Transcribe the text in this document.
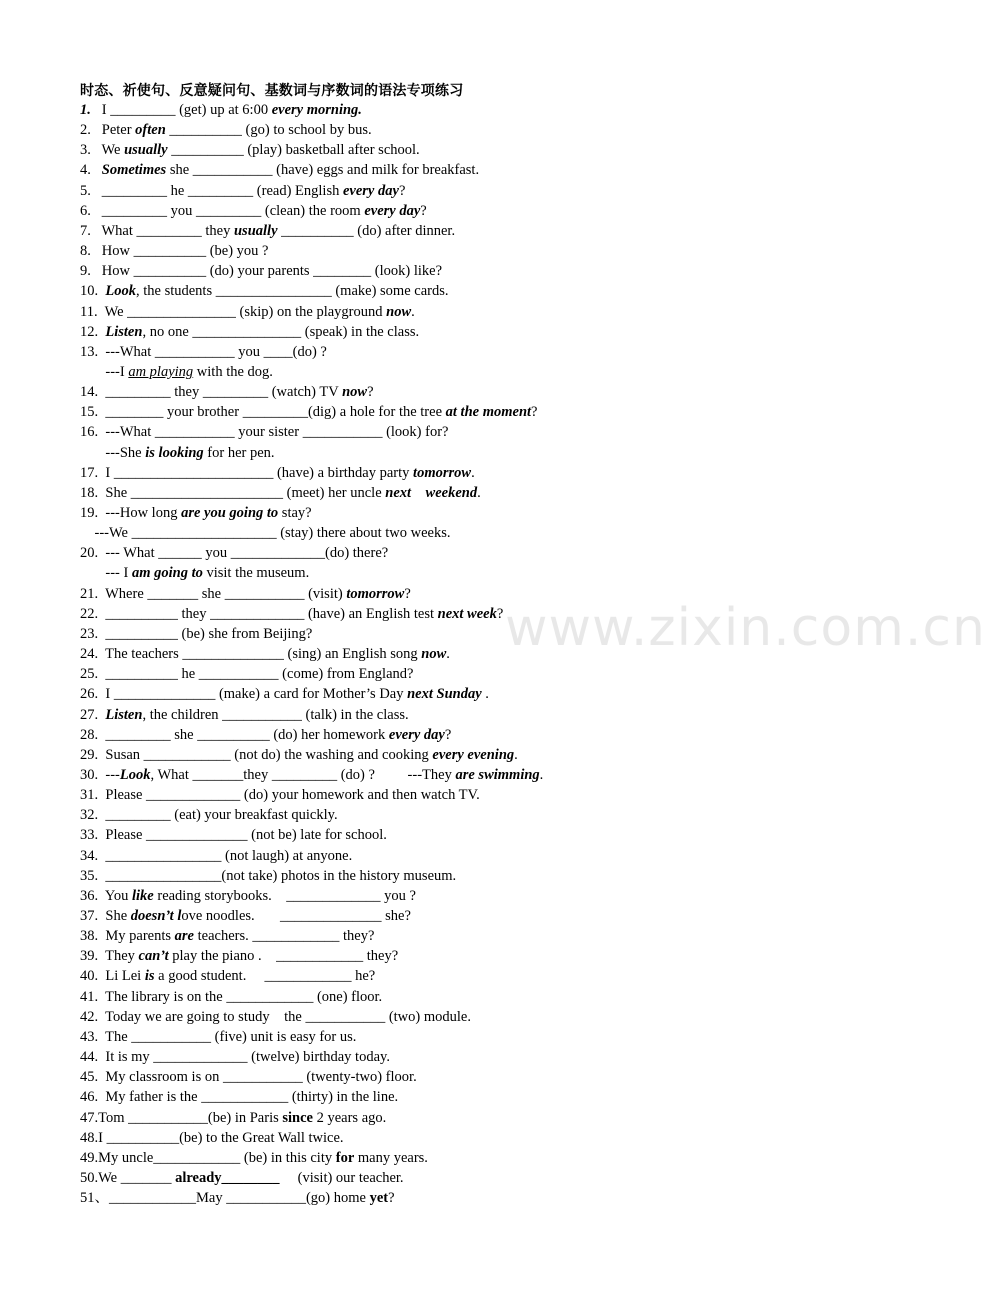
时态、祈使句、反意疑问句、基数词与序数词的语法专项练习
1.   I _________ (get) up at 6:00 every morning.
2.   Peter often __________ (go) to school by bus.
3.   We usually __________ (play) basketball after school.
4.   Sometimes she ___________ (have) eggs and milk for breakfast.
5.   _________ he _________ (read) English every day?
6.   _________ you _________ (clean) the room every day?
7.   What _________ they usually __________ (do) after dinner.
8.   How __________ (be) you ?
9.   How __________ (do) your parents ________ (look) like?
10.  Look, the students ________________ (make) some cards.
11.  We _______________ (skip) on the playground now.
12.  Listen, no one _______________ (speak) in the class.
13.  ---What ___________ you ____(do) ?
---I am playing with the dog.
14.  _________ they _________ (watch) TV now?
15.  ________ your brother _________(dig) a hole for the tree at the moment?
16.  ---What ___________ your sister ___________ (look) for?
---She is looking for her pen.
17.  I ______________________ (have) a birthday party tomorrow.
18.  She _____________________ (meet) her uncle next    weekend.
19.  ---How long are you going to stay?
---We ____________________ (stay) there about two weeks.
20.  --- What ______ you _____________(do) there?
--- I am going to visit the museum.
21.  Where _______ she ___________ (visit) tomorrow?
22.  __________ they _____________ (have) an English test next week?
23.  __________ (be) she from Beijing?
24.  The teachers ______________ (sing) an English song now.
25.  __________ he ___________ (come) from England?
26.  I ______________ (make) a card for Mother’s Day next Sunday .
27.  Listen, the children ___________ (talk) in the class.
28.  _________ she __________ (do) her homework every day?
29.  Susan ____________ (not do) the washing and cooking every evening.
30.  ---Look, What _______they _________ (do) ?         ---They are swimming.
31.  Please _____________ (do) your homework and then watch TV.
32.  _________ (eat) your breakfast quickly.
33.  Please ______________ (not be) late for school.
34.  ________________ (not laugh) at anyone.
35.  ________________(not take) photos in the history museum.
36.  You like reading storybooks.    _____________ you ?
37.  She doesn’t love noodles.       ______________ she?
38.  My parents are teachers. ____________ they?
39.  They can’t play the piano .    ____________ they?
40.  Li Lei is a good student.     ____________ he?
41.  The library is on the ____________ (one) floor.
42.  Today we are going to study    the ___________ (two) module.
43.  The ___________ (five) unit is easy for us.
44.  It is my _____________ (twelve) birthday today.
45.  My classroom is on ___________ (twenty-two) floor.
46.  My father is the ____________ (thirty) in the line.
47.Tom ___________(be) in Paris since 2 years ago.
48.I __________(be) to the Great Wall twice.
49.My uncle____________ (be) in this city for many years.
50.We _______ already________     (visit) our teacher.
51、____________May ___________(go) home yet?
www.zixin.com.cn
